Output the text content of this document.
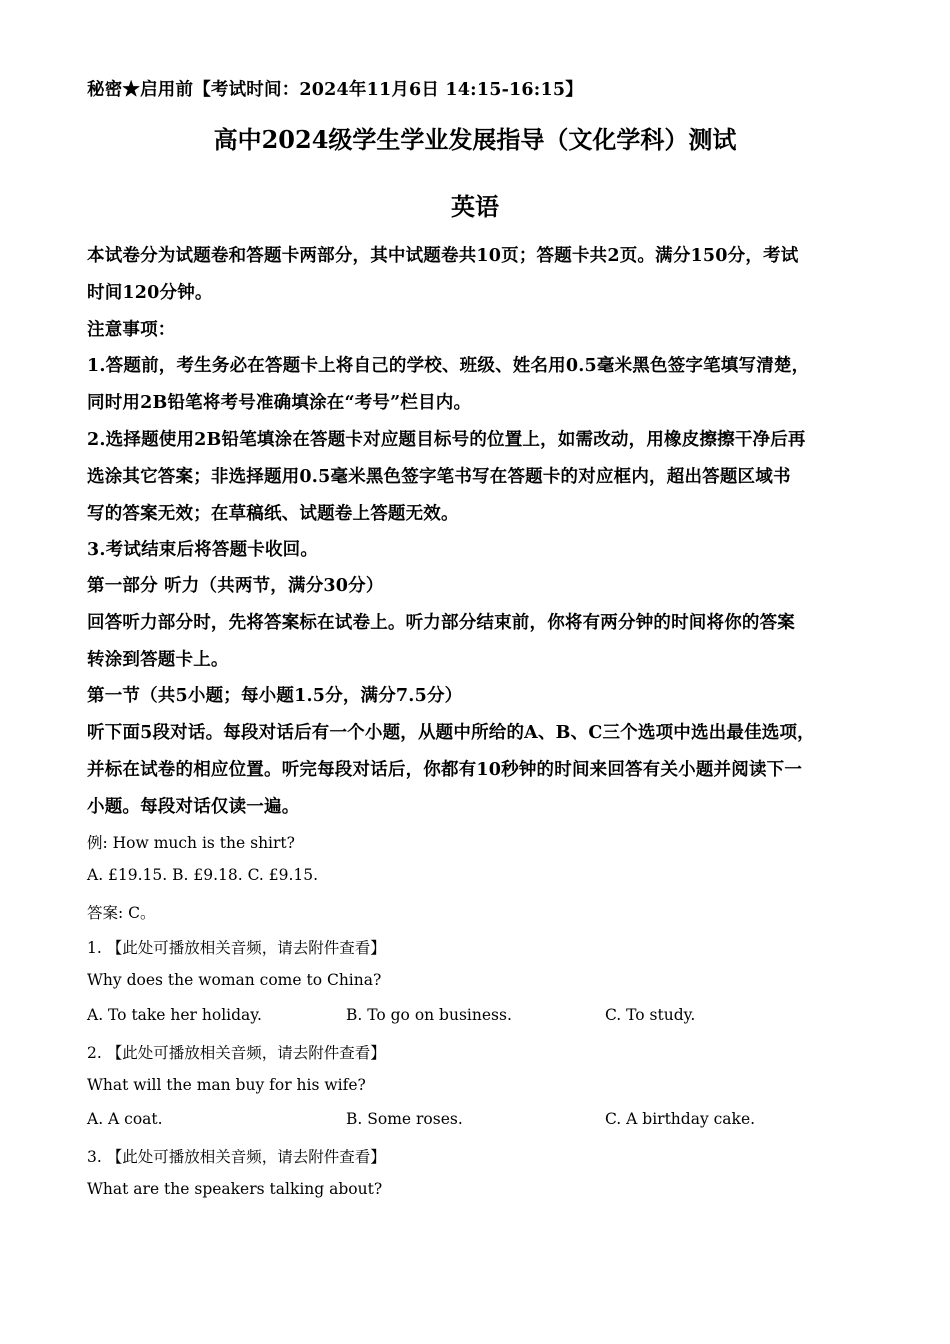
秘密★启用前【考试时间：2024年11月6日 14:15-16:15】
高中2024级学生学业发展指导（文化学科）测试
英语
本试卷分为试题卷和答题卡两部分，其中试题卷共10页；答题卡共2页。满分150分，考试
时间120分钟。
注意事项：
1.答题前，考生务必在答题卡上将自己的学校、班级、姓名用0.5毫米黑色签字笔填写清楚，
同时用2B铅笔将考号准确填涂在“考号”栏目内。
2.选择题使用2B铅笔填涂在答题卡对应题目标号的位置上，如需改动，用橡皮擦擦干净后再
选涂其它答案；非选择题用0.5毫米黑色签字笔书写在答题卡的对应框内，超出答题区域书
写的答案无效；在草稿纸、试题卷上答题无效。
3.考试结束后将答题卡收回。
第一部分 听力（共两节，满分30分）
回答听力部分时，先将答案标在试卷上。听力部分结束前，你将有两分钟的时间将你的答案
转涂到答题卡上。
第一节（共5小题；每小题1.5分，满分7.5分）
听下面5段对话。每段对话后有一个小题，从题中所给的A、B、C三个选项中选出最佳选项，
并标在试卷的相应位置。听完每段对话后，你都有10秒钟的时间来回答有关小题并阅读下一
小题。每段对话仅读一遍。
例: How much is the shirt?
A. £19.15. B. £9.18. C. £9.15.
答案: C。
1. 【此处可播放相关音频，请去附件查看】
Why does the woman come to China?
A. To take her holiday.	B. To go on business.	C. To study.
2. 【此处可播放相关音频，请去附件查看】
What will the man buy for his wife?
A. A coat.	B. Some roses.	C. A birthday cake.
3. 【此处可播放相关音频，请去附件查看】
What are the speakers talking about?
